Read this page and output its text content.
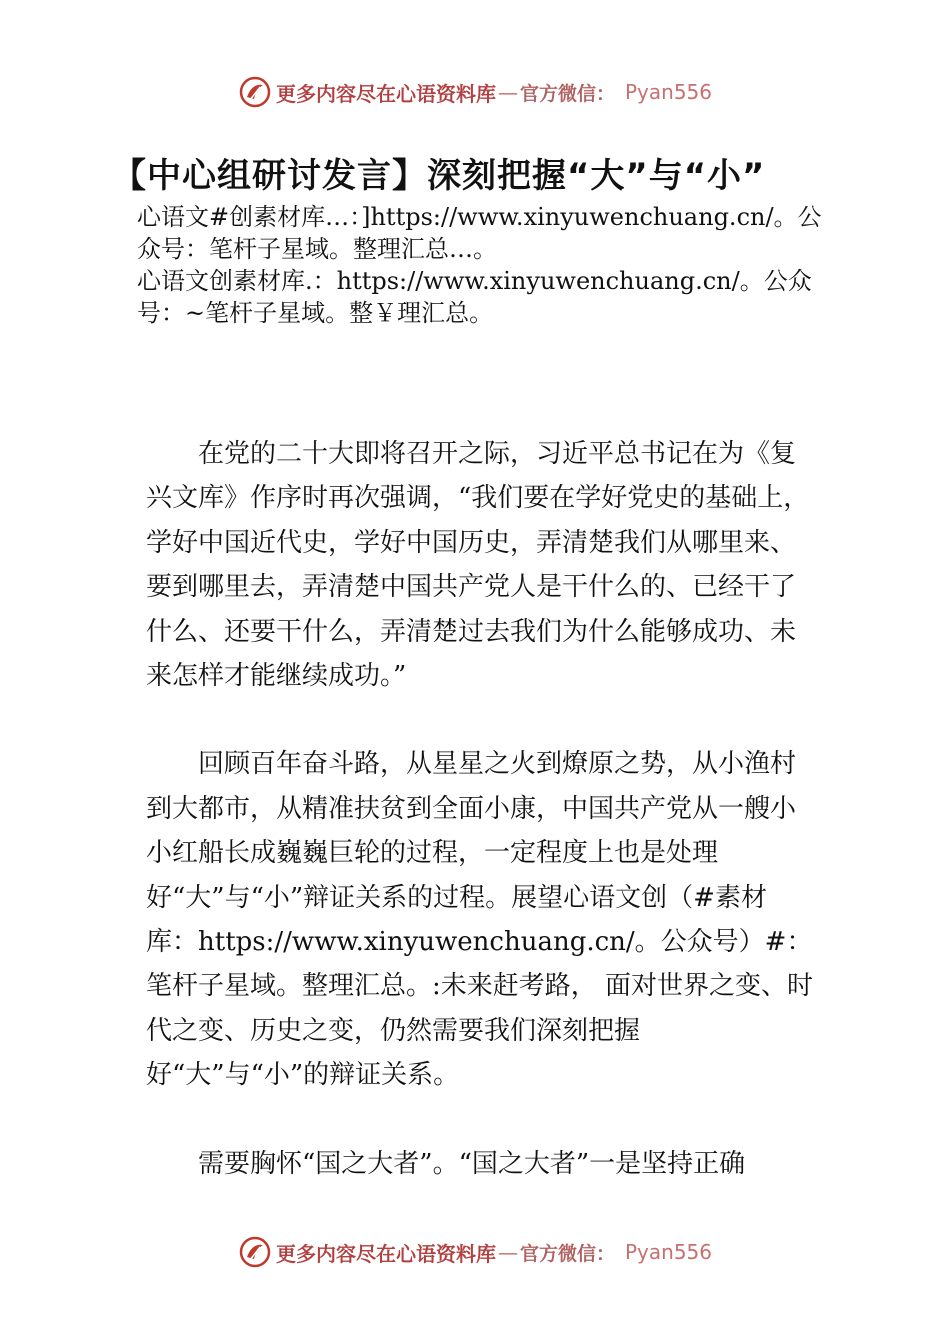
更多内容尽在心语资料库 — 官方微信： Pyan556
【中心组研讨发言】深刻把握“大”与“小”

心语文#创素材库…：]https://www.xinyuwenchuang.cn/。公众号：笔杆子星域。整理汇总…。

心语文创素材库.：https://www.xinyuwenchuang.cn/。公众号：~笔杆子星域。整￥理汇总。

在党的二十大即将召开之际，习近平总书记在为《复兴文库》作序时再次强调，“我们要在学好党史的基础上，学好中国近代史，学好中国历史，弄清楚我们从哪里来、要到哪里去，弄清楚中国共产党人是干什么的、已经干了什么、还要干什么，弄清楚过去我们为什么能够成功、未来怎样才能继续成功。”

回顾百年奋斗路，从星星之火到燎原之势，从小渔村到大都市，从精准扶贫到全面小康，中国共产党从一艘小小红船长成巍巍巨轮的过程，一定程度上也是处理好“大”与“小”辩证关系的过程。展望心语文创（#素材库：https://www.xinyuwenchuang.cn/。公众号）#：笔杆子星域。整理汇总。:未来赶考路， 面对世界之变、时代之变、历史之变，仍然需要我们深刻把握好“大”与“小”的辩证关系。

需要胸怀“国之大者”。“国之大者”一是坚持正确

更多内容尽在心语资料库 — 官方微信： Pyan556
